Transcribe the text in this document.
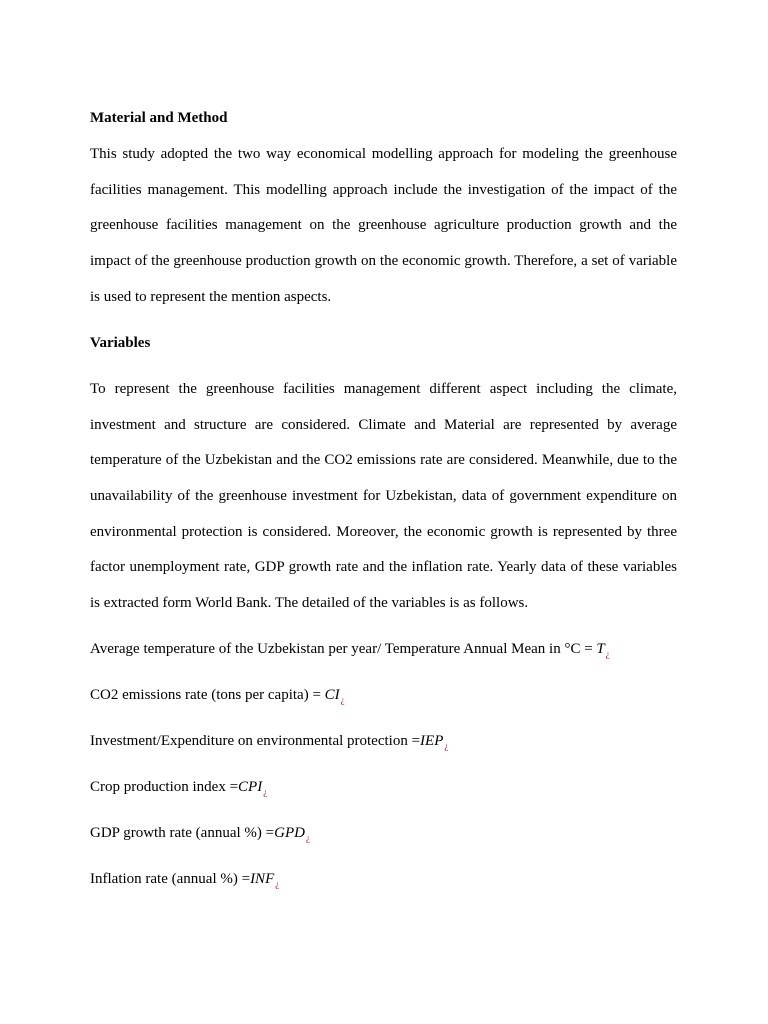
Material and Method
This study adopted the two way economical modelling approach for modeling the greenhouse
facilities management. This modelling approach include the investigation of the impact of the
greenhouse facilities management on the greenhouse agriculture production growth and the
impact of the greenhouse production growth on the economic growth. Therefore, a set of variable
is used to represent the mention aspects.
Variables
To represent the greenhouse facilities management different aspect including the climate,
investment and structure are considered. Climate and Material are represented by average
temperature of the Uzbekistan and the CO2 emissions rate are considered. Meanwhile, due to the
unavailability of the greenhouse investment for Uzbekistan, data of government expenditure on
environmental protection is considered. Moreover, the economic growth is represented by three
factor unemployment rate, GDP growth rate and the inflation rate. Yearly data of these variables
is extracted form World Bank. The detailed of the variables is as follows.
Average temperature of the Uzbekistan per year/ Temperature Annual Mean in $^\circ C = T_¿$
CO2 emissions rate (tons per capita) = $CI_¿$
Investment/Expenditure on environmental protection $=IEP_¿$
Crop production index $=CPI_¿$
GDP growth rate (annual %) $=GPD_¿$
Inflation rate (annual %) $=INF_¿$
